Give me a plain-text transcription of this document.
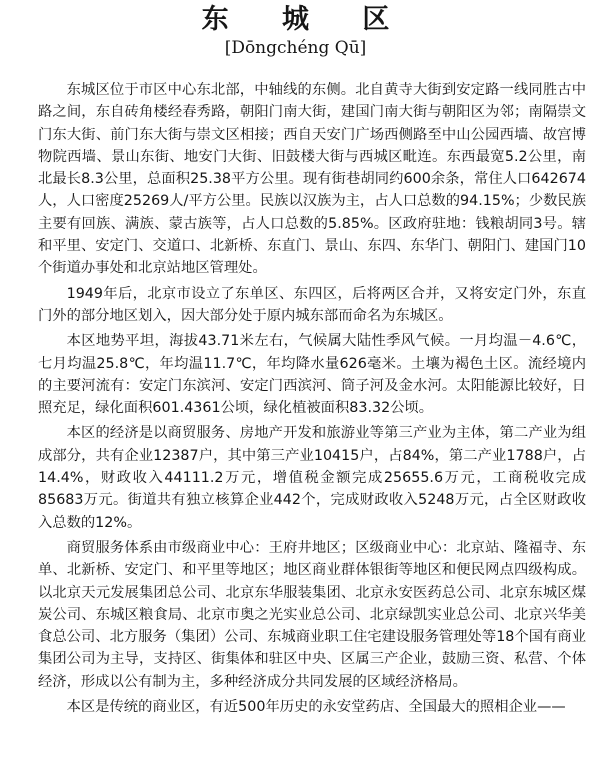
东 城 区
[Dōngchéng Qū]

东城区位于市区中心东北部，中轴线的东侧。北自黄寺大街到安定路一线同胜古中路之间，东自砖角楼经春秀路，朝阳门南大街，建国门南大街与朝阳区为邻；南隔崇文门东大街、前门东大街与崇文区相接；西自天安门广场西侧路至中山公园西墙、故宫博物院西墙、景山东街、地安门大街、旧鼓楼大街与西城区毗连。东西最宽5.2公里，南北最长8.3公里，总面积25.38平方公里。现有街巷胡同约600余条，常住人口642674人，人口密度25269人/平方公里。民族以汉族为主，占人口总数的94.15%；少数民族主要有回族、满族、蒙古族等，占人口总数的5.85%。区政府驻地：钱粮胡同3号。辖和平里、安定门、交道口、北新桥、东直门、景山、东四、东华门、朝阳门、建国门10个街道办事处和北京站地区管理处。

1949年后，北京市设立了东单区、东四区，后将两区合并，又将安定门外，东直门外的部分地区划入，因大部分处于原内城东部而命名为东城区。

本区地势平坦，海拔43.71米左右，气候属大陆性季风气候。一月均温－4.6℃，七月均温25.8℃，年均温11.7℃，年均降水量626毫米。土壤为褐色土区。流经境内的主要河流有：安定门东滨河、安定门西滨河、筒子河及金水河。太阳能源比较好，日照充足，绿化面积601.4361公顷，绿化植被面积83.32公顷。

本区的经济是以商贸服务、房地产开发和旅游业等第三产业为主体，第二产业为组成部分，共有企业12387户，其中第三产业10415户，占84%，第二产业1788户，占14.4%，财政收入44111.2万元，增值税金额完成25655.6万元，工商税收完成85683万元。街道共有独立核算企业442个，完成财政收入5248万元，占全区财政收入总数的12%。

商贸服务体系由市级商业中心：王府井地区；区级商业中心：北京站、隆福寺、东单、北新桥、安定门、和平里等地区；地区商业群体银街等地区和便民网点四级构成。以北京天元发展集团总公司、北京东华服装集团、北京永安医药总公司、北京东城区煤炭公司、东城区粮食局、北京市奥之光实业总公司、北京绿凯实业总公司、北京兴华美食总公司、北方服务（集团）公司、东城商业职工住宅建设服务管理处等18个国有商业集团公司为主导，支持区、街集体和驻区中央、区属三产企业，鼓励三资、私营、个体经济，形成以公有制为主，多种经济成分共同发展的区域经济格局。

本区是传统的商业区，有近500年历史的永安堂药店、全国最大的照相企业——
